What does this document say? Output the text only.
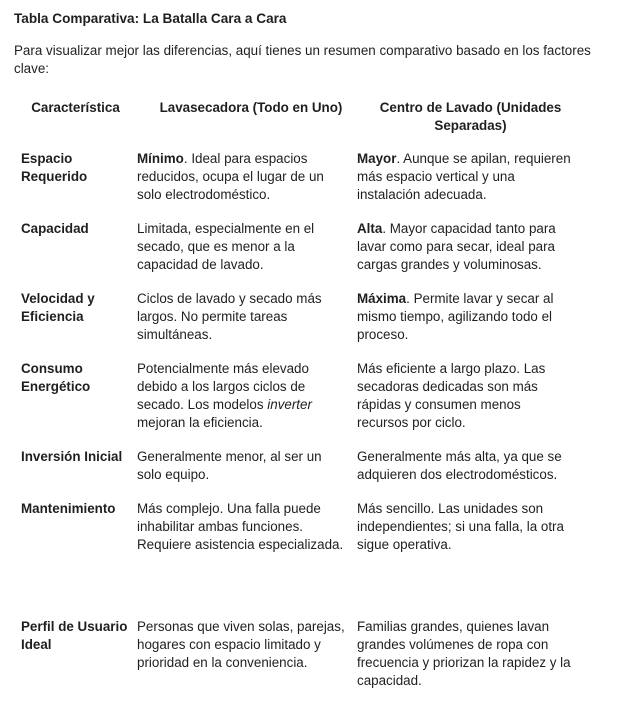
Tabla Comparativa: La Batalla Cara a Cara
Para visualizar mejor las diferencias, aquí tienes un resumen comparativo basado en los factores clave:
Característica	Lavasecadora (Todo en Uno)	Centro de Lavado (Unidades Separadas)
Espacio Requerido	Mínimo. Ideal para espacios reducidos, ocupa el lugar de un solo electrodoméstico.	Mayor. Aunque se apilan, requieren más espacio vertical y una instalación adecuada.
Capacidad	Limitada, especialmente en el secado, que es menor a la capacidad de lavado.	Alta. Mayor capacidad tanto para lavar como para secar, ideal para cargas grandes y voluminosas.
Velocidad y Eficiencia	Ciclos de lavado y secado más largos. No permite tareas simultáneas.	Máxima. Permite lavar y secar al mismo tiempo, agilizando todo el proceso.
Consumo Energético	Potencialmente más elevado debido a los largos ciclos de secado. Los modelos inverter mejoran la eficiencia.	Más eficiente a largo plazo. Las secadoras dedicadas son más rápidas y consumen menos recursos por ciclo.
Inversión Inicial	Generalmente menor, al ser un solo equipo.	Generalmente más alta, ya que se adquieren dos electrodomésticos.
Mantenimiento	Más complejo. Una falla puede inhabilitar ambas funciones. Requiere asistencia especializada.	Más sencillo. Las unidades son independientes; si una falla, la otra sigue operativa.

Perfil de Usuario Ideal	Personas que viven solas, parejas, hogares con espacio limitado y prioridad en la conveniencia.	Familias grandes, quienes lavan grandes volúmenes de ropa con frecuencia y priorizan la rapidez y la capacidad.
